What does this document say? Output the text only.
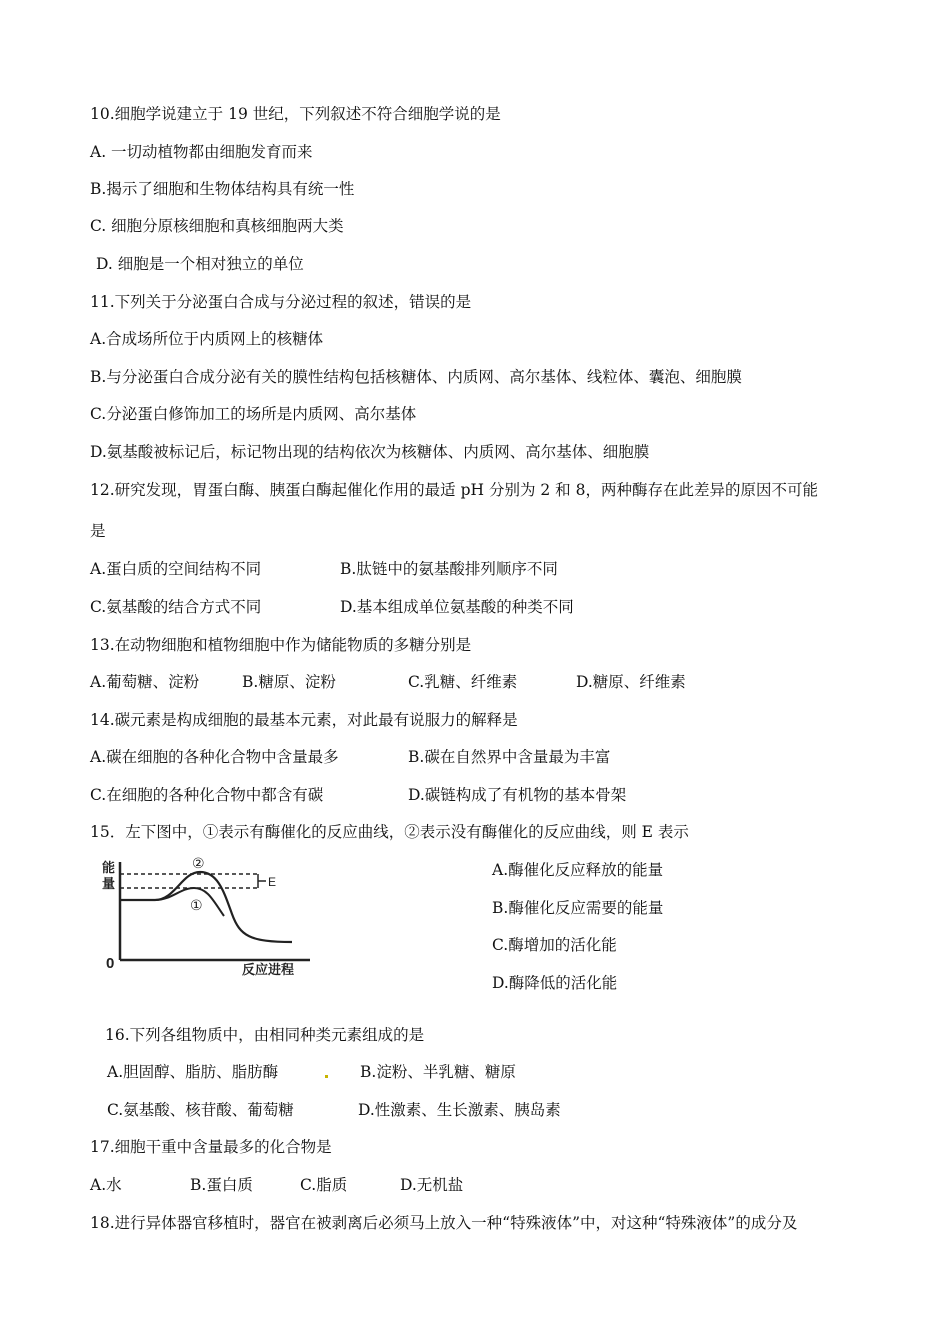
10.细胞学说建立于 19 世纪，下列叙述不符合细胞学说的是
A. 一切动植物都由细胞发育而来
B.揭示了细胞和生物体结构具有统一性
C. 细胞分原核细胞和真核细胞两大类
D. 细胞是一个相对独立的单位
11.下列关于分泌蛋白合成与分泌过程的叙述，错误的是
A.合成场所位于内质网上的核糖体
B.与分泌蛋白合成分泌有关的膜性结构包括核糖体、内质网、高尔基体、线粒体、囊泡、细胞膜
C.分泌蛋白修饰加工的场所是内质网、高尔基体
D.氨基酸被标记后，标记物出现的结构依次为核糖体、内质网、高尔基体、细胞膜
12.研究发现，胃蛋白酶、胰蛋白酶起催化作用的最适 pH 分别为 2 和 8，两种酶存在此差异的原因不可能
是
A.蛋白质的空间结构不同	B.肽链中的氨基酸排列顺序不同
C.氨基酸的结合方式不同	D.基本组成单位氨基酸的种类不同
13.在动物细胞和植物细胞中作为储能物质的多糖分别是
A.葡萄糖、淀粉	B.糖原、淀粉	C.乳糖、纤维素	D.糖原、纤维素
14.碳元素是构成细胞的最基本元素，对此最有说服力的解释是
A.碳在细胞的各种化合物中含量最多	B.碳在自然界中含量最为丰富
C.在细胞的各种化合物中都含有碳	D.碳链构成了有机物的基本骨架
15．左下图中，①表示有酶催化的反应曲线，②表示没有酶催化的反应曲线，则 E 表示
能
量
0
E
②
①
反应进程
A.酶催化反应释放的能量
B.酶催化反应需要的能量
C.酶增加的活化能
D.酶降低的活化能
16.下列各组物质中，由相同种类元素组成的是
A.胆固醇、脂肪、脂肪酶	B.淀粉、半乳糖、糖原
C.氨基酸、核苷酸、葡萄糖	D.性激素、生长激素、胰岛素
17.细胞干重中含量最多的化合物是
A.水	B.蛋白质	C.脂质	D.无机盐
18.进行异体器官移植时，器官在被剥离后必须马上放入一种“特殊液体”中，对这种“特殊液体”的成分及
